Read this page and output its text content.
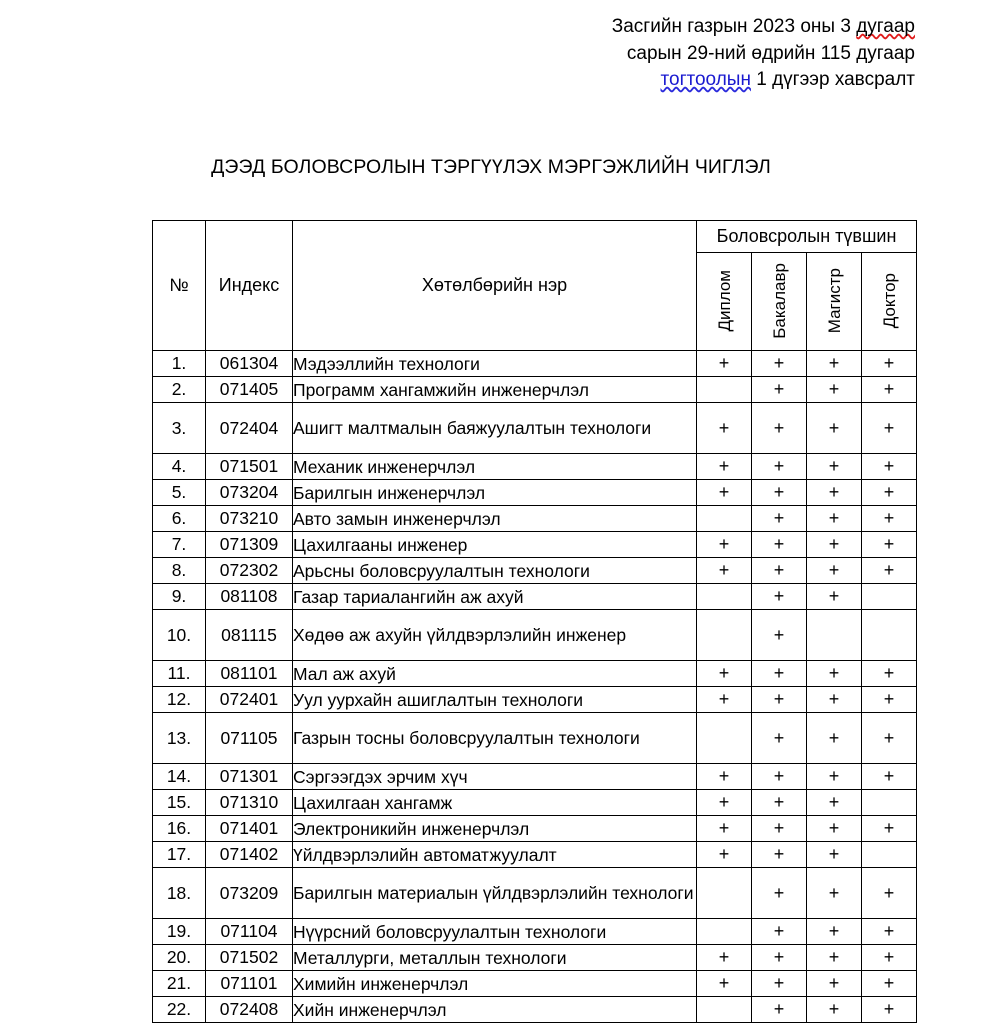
Засгийн газрын 2023 оны 3 дугаар
сарын 29-ний өдрийн 115 дугаар
тогтоолын 1 дүгээр хавсралт
ДЭЭД БОЛОВСРОЛЫН ТЭРГҮҮЛЭХ МЭРГЭЖЛИЙН ЧИГЛЭЛ
№	Индекс	Хөтөлбөрийн нэр	Боловсролын түвшин			
			Диплом	Бакалавр	Магистр	Доктор
1.	061304	Мэдээллийн технологи	+	+	+	+
2.	071405	Программ хангамжийн инженерчлэл		+	+	+
3.	072404	Ашигт малтмалын баяжуулалтын технологи	+	+	+	+
4.	071501	Механик инженерчлэл	+	+	+	+
5.	073204	Барилгын инженерчлэл	+	+	+	+
6.	073210	Авто замын инженерчлэл		+	+	+
7.	071309	Цахилгааны инженер	+	+	+	+
8.	072302	Арьсны боловсруулалтын технологи	+	+	+	+
9.	081108	Газар тариалангийн аж ахуй		+	+	
10.	081115	Хөдөө аж ахуйн үйлдвэрлэлийн инженер		+		
11.	081101	Мал аж ахуй	+	+	+	+
12.	072401	Уул уурхайн ашиглалтын технологи	+	+	+	+
13.	071105	Газрын тосны боловсруулалтын технологи		+	+	+
14.	071301	Сэргээгдэх эрчим хүч	+	+	+	+
15.	071310	Цахилгаан хангамж	+	+	+	
16.	071401	Электроникийн инженерчлэл	+	+	+	+
17.	071402	Үйлдвэрлэлийн автоматжуулалт	+	+	+	
18.	073209	Барилгын материалын үйлдвэрлэлийн технологи		+	+	+
19.	071104	Нүүрсний боловсруулалтын технологи		+	+	+
20.	071502	Металлурги, металлын технологи	+	+	+	+
21.	071101	Химийн инженерчлэл	+	+	+	+
22.	072408	Хийн инженерчлэл		+	+	+
